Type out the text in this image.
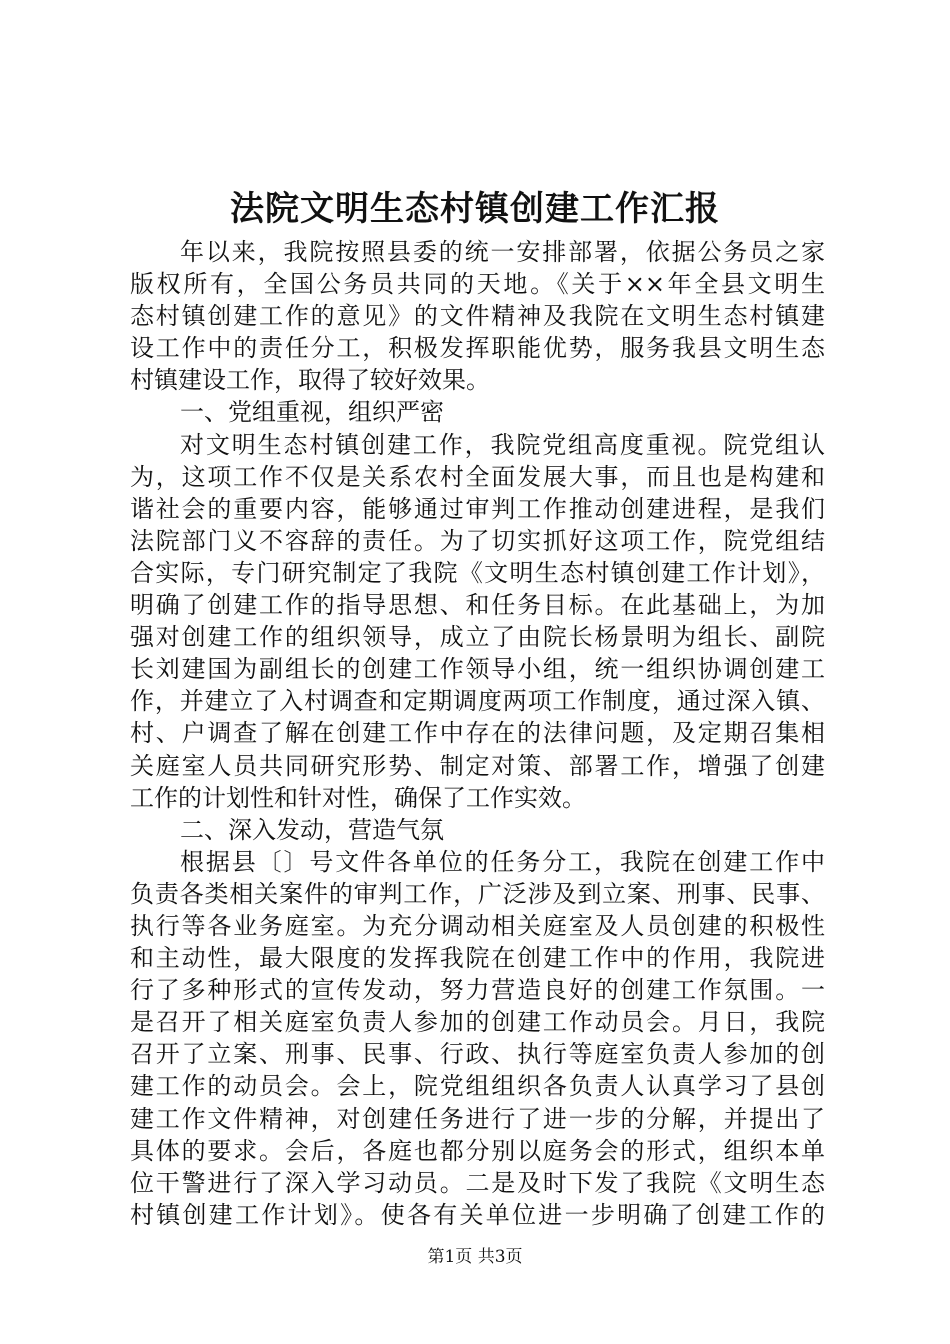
法院文明生态村镇创建工作汇报
年以来，我院按照县委的统一安排部署，依据公务员之家
版权所有，全国公务员共同的天地。《关于××年全县文明生
态村镇创建工作的意见》的文件精神及我院在文明生态村镇建
设工作中的责任分工，积极发挥职能优势，服务我县文明生态
村镇建设工作，取得了较好效果。
一、党组重视，组织严密
对文明生态村镇创建工作，我院党组高度重视。院党组认
为，这项工作不仅是关系农村全面发展大事，而且也是构建和
谐社会的重要内容，能够通过审判工作推动创建进程，是我们
法院部门义不容辞的责任。为了切实抓好这项工作，院党组结
合实际，专门研究制定了我院《文明生态村镇创建工作计划》，
明确了创建工作的指导思想、和任务目标。在此基础上，为加
强对创建工作的组织领导，成立了由院长杨景明为组长、副院
长刘建国为副组长的创建工作领导小组，统一组织协调创建工
作，并建立了入村调查和定期调度两项工作制度，通过深入镇、
村、户调查了解在创建工作中存在的法律问题，及定期召集相
关庭室人员共同研究形势、制定对策、部署工作，增强了创建
工作的计划性和针对性，确保了工作实效。
二、深入发动，营造气氛
根据县〔〕号文件各单位的任务分工，我院在创建工作中
负责各类相关案件的审判工作，广泛涉及到立案、刑事、民事、
执行等各业务庭室。为充分调动相关庭室及人员创建的积极性
和主动性，最大限度的发挥我院在创建工作中的作用，我院进
行了多种形式的宣传发动，努力营造良好的创建工作氛围。一
是召开了相关庭室负责人参加的创建工作动员会。月日，我院
召开了立案、刑事、民事、行政、执行等庭室负责人参加的创
建工作的动员会。会上，院党组组织各负责人认真学习了县创
建工作文件精神，对创建任务进行了进一步的分解，并提出了
具体的要求。会后，各庭也都分别以庭务会的形式，组织本单
位干警进行了深入学习动员。二是及时下发了我院《文明生态
村镇创建工作计划》。使各有关单位进一步明确了创建工作的
第1页 共3页
